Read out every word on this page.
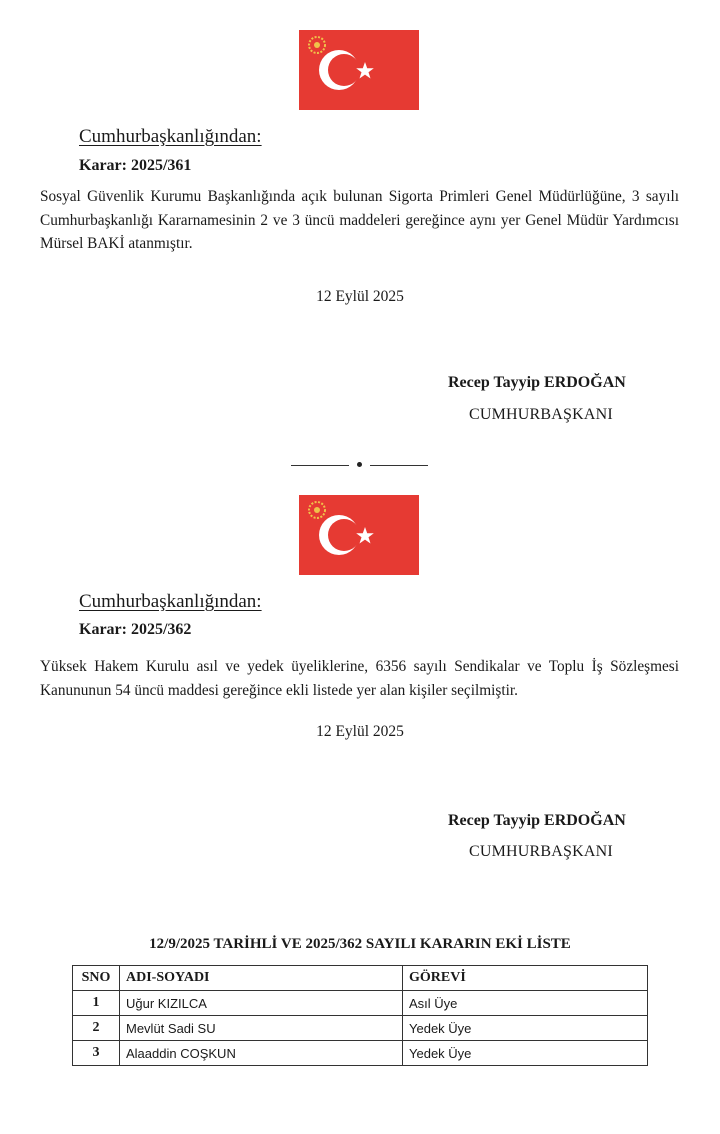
Cumhurbaşkanlığından:
Karar: 2025/361
Sosyal Güvenlik Kurumu Başkanlığında açık bulunan Sigorta Primleri Genel Müdürlüğüne, 3 sayılı Cumhurbaşkanlığı Kararnamesinin 2 ve 3 üncü maddeleri gereğince aynı yer Genel Müdür Yardımcısı Mürsel BAKİ atanmıştır.
12 Eylül 2025
Recep Tayyip ERDOĞAN
CUMHURBAŞKANI
Cumhurbaşkanlığından:
Karar: 2025/362
Yüksek Hakem Kurulu asıl ve yedek üyeliklerine, 6356 sayılı Sendikalar ve Toplu İş Sözleşmesi Kanununun 54 üncü maddesi gereğince ekli listede yer alan kişiler seçilmiştir.
12 Eylül 2025
Recep Tayyip ERDOĞAN
CUMHURBAŞKANI
12/9/2025 TARİHLİ VE 2025/362 SAYILI KARARIN EKİ LİSTE
SNO	ADI-SOYADI	GÖREVİ
1	Uğur KIZILCA	Asıl Üye
2	Mevlüt Sadi SU	Yedek Üye
3	Alaaddin COŞKUN	Yedek Üye
